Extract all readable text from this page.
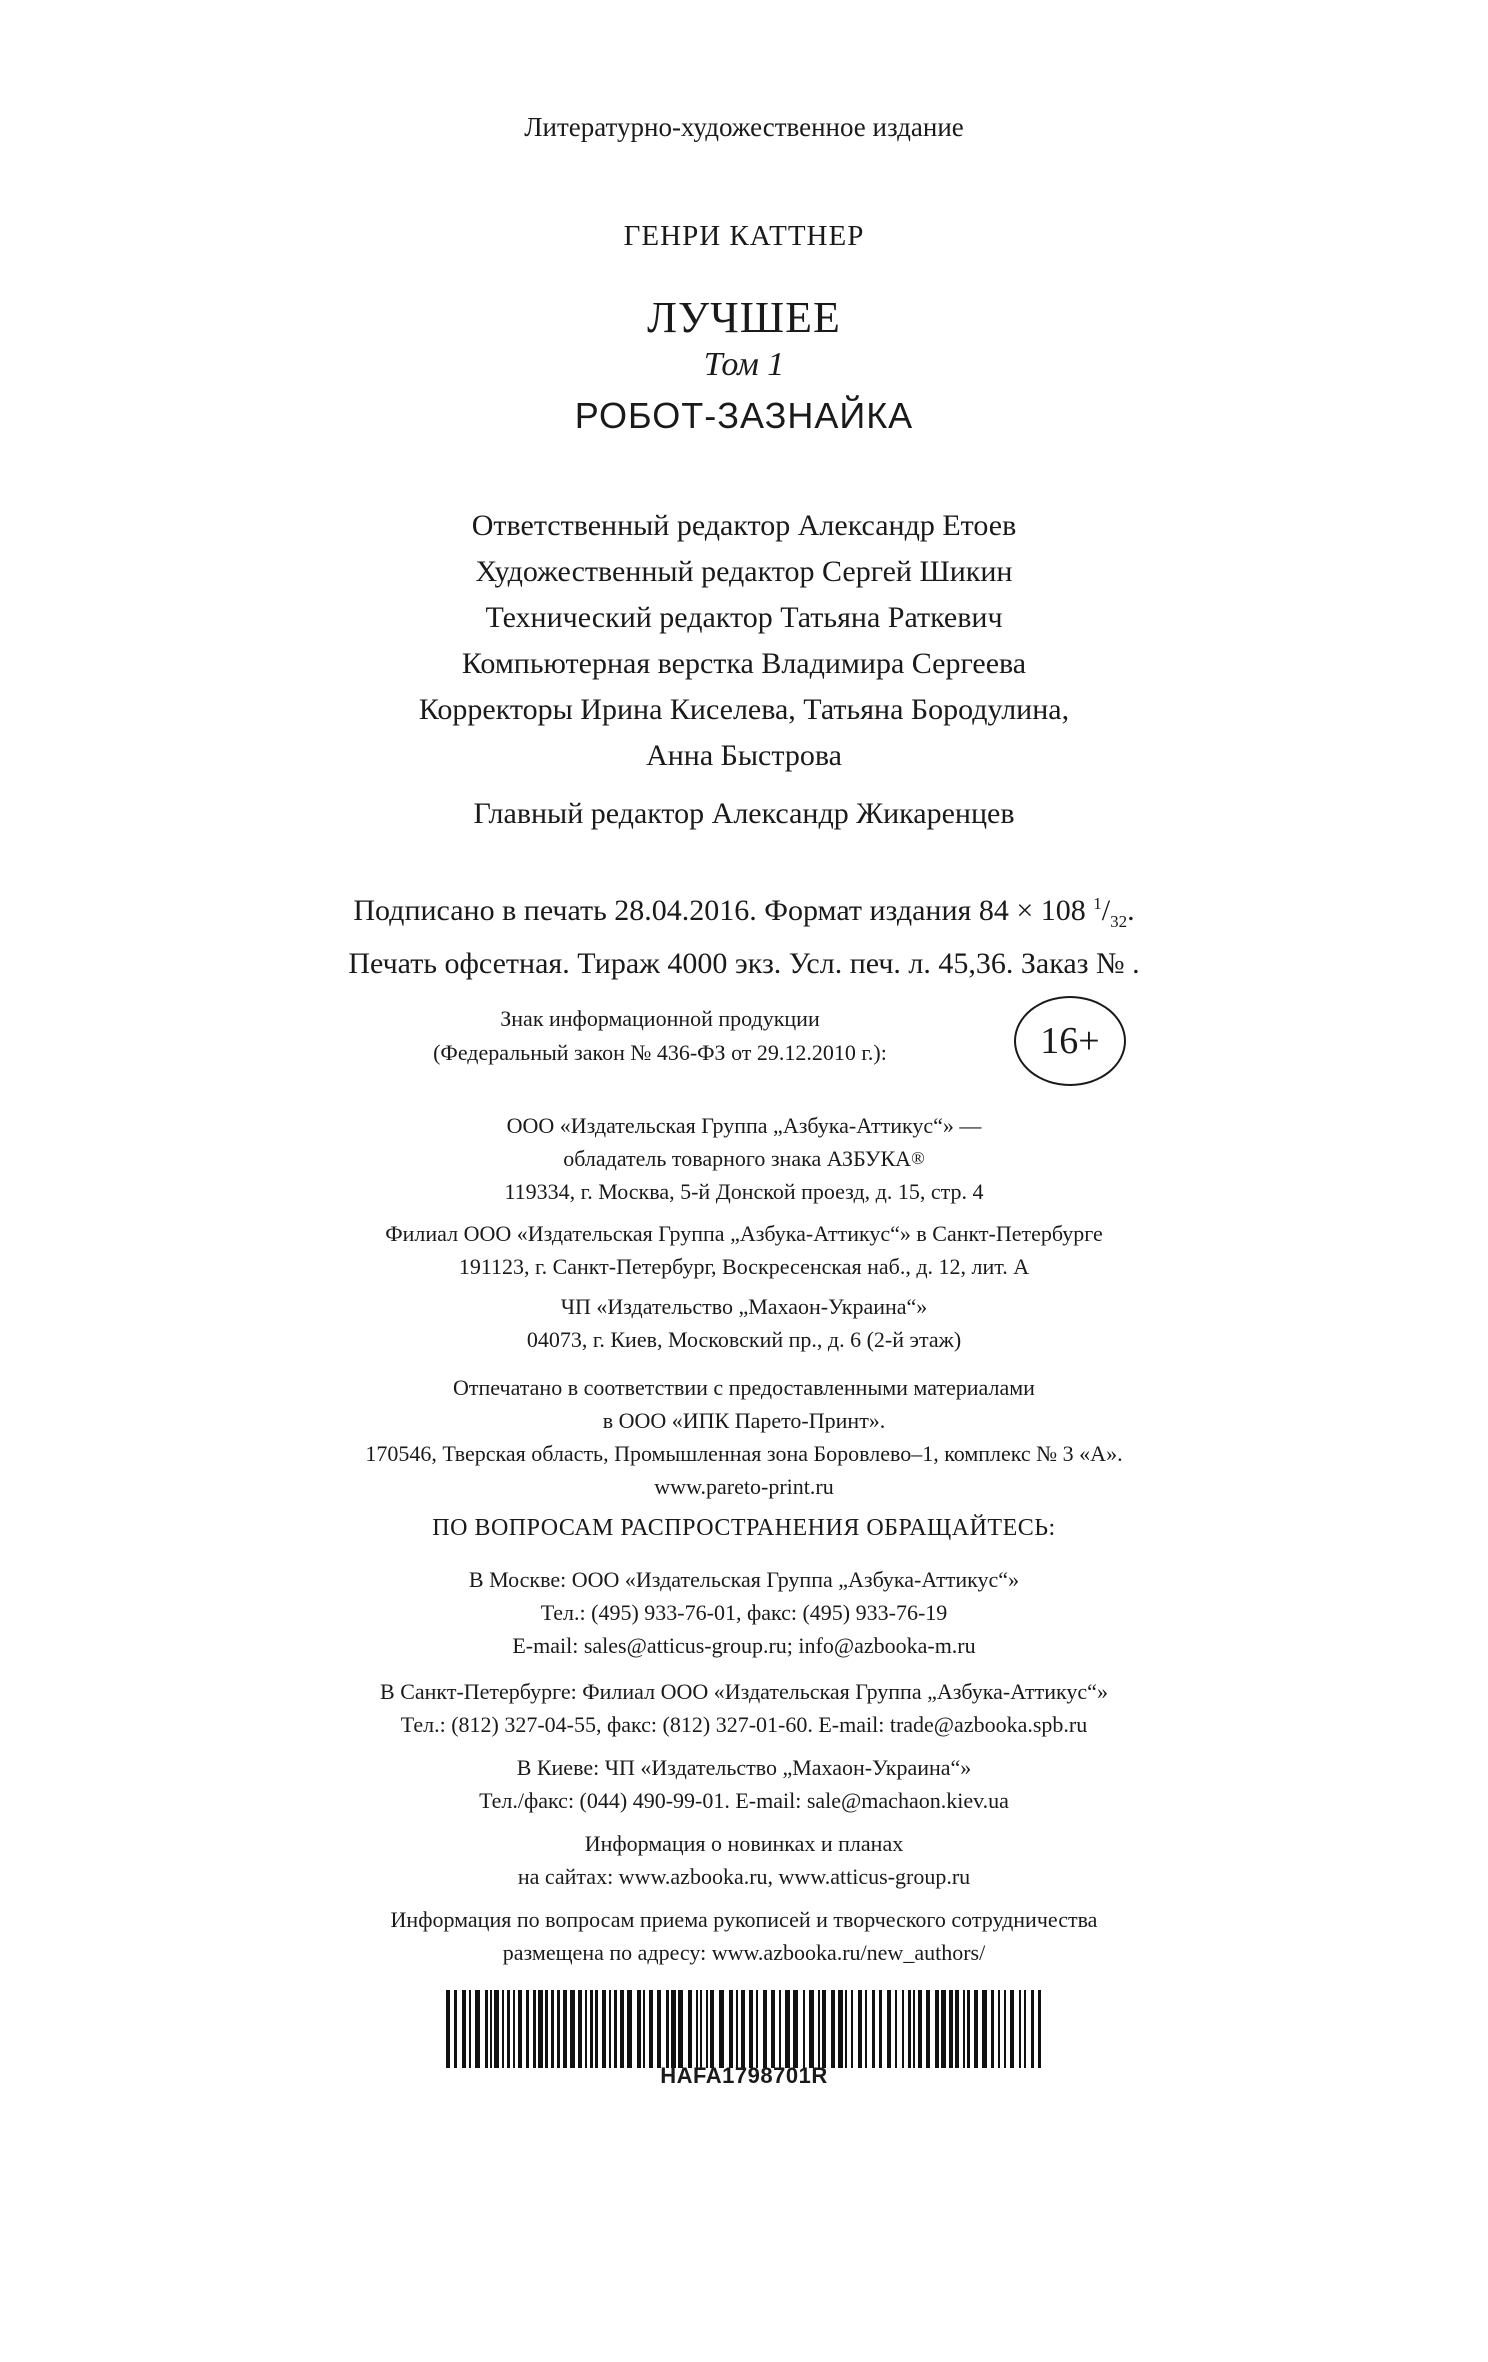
Литературно-художественное издание
ГЕНРИ КАТТНЕР
ЛУЧШЕЕ
Том 1
РОБОТ-ЗАЗНАЙКА
Ответственный редактор Александр Етоев
Художественный редактор Сергей Шикин
Технический редактор Татьяна Раткевич
Компьютерная верстка Владимира Сергеева
Корректоры Ирина Киселева, Татьяна Бородулина,
Анна Быстрова
Главный редактор Александр Жикаренцев
Подписано в печать 28.04.2016. Формат издания 84 × 108 $^1/_{32}$.
Печать офсетная. Тираж 4000 экз. Усл. печ. л. 45,36. Заказ № .
Знак информационной продукции
(Федеральный закон № 436-ФЗ от 29.12.2010 г.):	16+
ООО «Издательская Группа „Азбука-Аттикус“» —
обладатель товарного знака АЗБУКА®
119334, г. Москва, 5-й Донской проезд, д. 15, стр. 4
Филиал ООО «Издательская Группа „Азбука-Аттикус“» в Санкт-Петербурге
191123, г. Санкт-Петербург, Воскресенская наб., д. 12, лит. А
ЧП «Издательство „Махаон-Украина“»
04073, г. Киев, Московский пр., д. 6 (2-й этаж)
Отпечатано в соответствии с предоставленными материалами
в ООО «ИПК Парето-Принт».
170546, Тверская область, Промышленная зона Боровлево–1, комплекс № 3 «А».
www.pareto-print.ru
ПО ВОПРОСАМ РАСПРОСТРАНЕНИЯ ОБРАЩАЙТЕСЬ:
В Москве: ООО «Издательская Группа „Азбука-Аттикус“»
Тел.: (495) 933-76-01, факс: (495) 933-76-19
E-mail: sales@atticus-group.ru; info@azbooka-m.ru
В Санкт-Петербурге: Филиал ООО «Издательская Группа „Азбука-Аттикус“»
Тел.: (812) 327-04-55, факс: (812) 327-01-60. E-mail: trade@azbooka.spb.ru
В Киеве: ЧП «Издательство „Махаон-Украина“»
Тел./факс: (044) 490-99-01. E-mail: sale@machaon.kiev.ua
Информация о новинках и планах
на сайтах: www.azbooka.ru, www.atticus-group.ru
Информация по вопросам приема рукописей и творческого сотрудничества
размещена по адресу: www.azbooka.ru/new_authors/
HAFA1798701R
